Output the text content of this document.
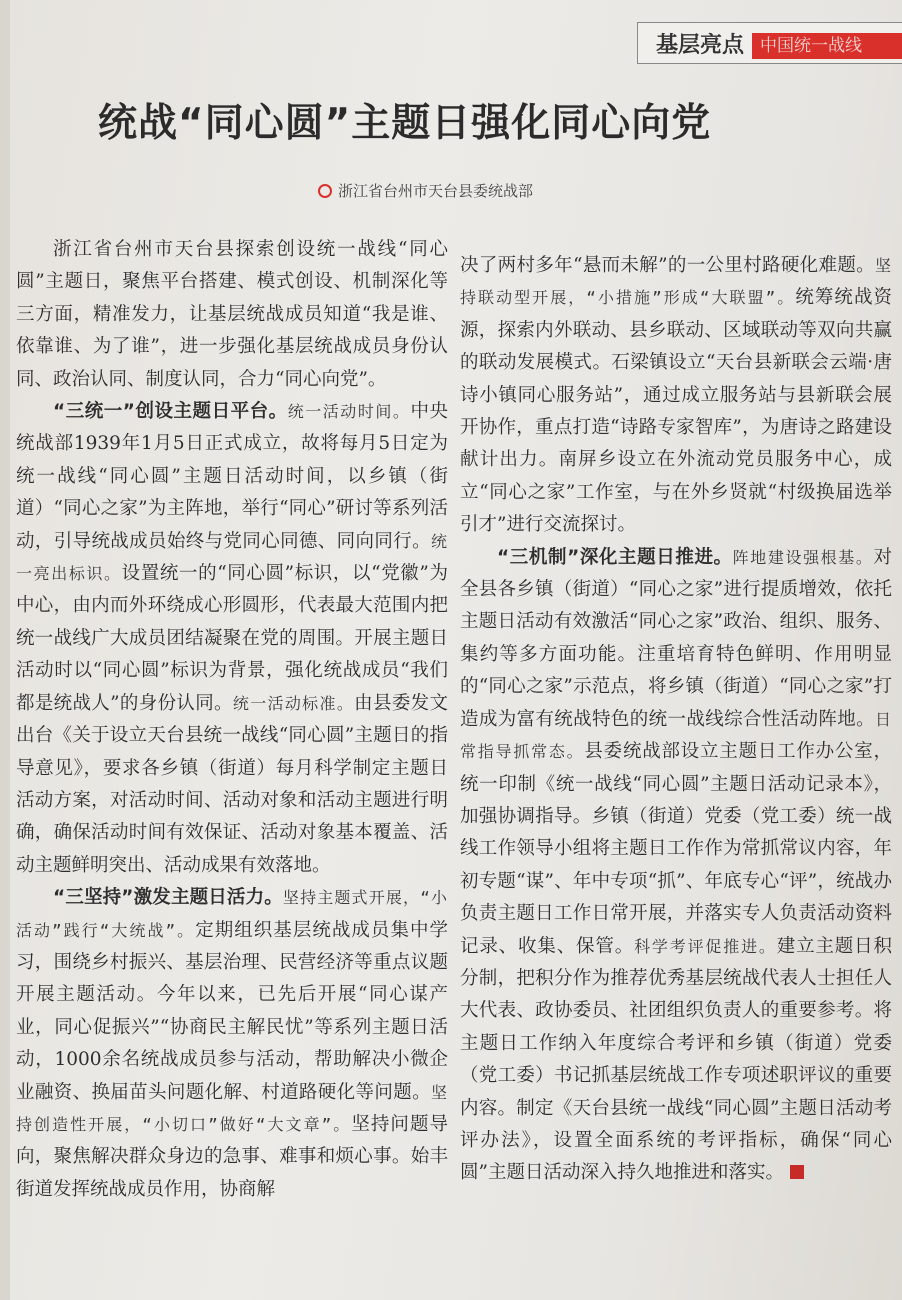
基层亮点 中国统一战线
统战“同心圆”主题日强化同心向党
浙江省台州市天台县委统战部

浙江省台州市天台县探索创设统一战线“同心圆”主题日，聚焦平台搭建、模式创设、机制深化等三方面，精准发力，让基层统战成员知道“我是谁、依靠谁、为了谁”，进一步强化基层统战成员身份认同、政治认同、制度认同，合力“同心向党”。

“三统一”创设主题日平台。统一活动时间。中央统战部1939年1月5日正式成立，故将每月5日定为统一战线“同心圆”主题日活动时间，以乡镇（街道）“同心之家”为主阵地，举行“同心”研讨等系列活动，引导统战成员始终与党同心同德、同向同行。统一亮出标识。设置统一的“同心圆”标识，以“党徽”为中心，由内而外环绕成心形圆形，代表最大范围内把统一战线广大成员团结凝聚在党的周围。开展主题日活动时以“同心圆”标识为背景，强化统战成员“我们都是统战人”的身份认同。统一活动标准。由县委发文出台《关于设立天台县统一战线“同心圆”主题日的指导意见》，要求各乡镇（街道）每月科学制定主题日活动方案，对活动时间、活动对象和活动主题进行明确，确保活动时间有效保证、活动对象基本覆盖、活动主题鲜明突出、活动成果有效落地。

“三坚持”激发主题日活力。坚持主题式开展，“小活动”践行“大统战”。定期组织基层统战成员集中学习，围绕乡村振兴、基层治理、民营经济等重点议题开展主题活动。今年以来，已先后开展“同心谋产业，同心促振兴”“协商民主解民忧”等系列主题日活动，1000余名统战成员参与活动，帮助解决小微企业融资、换届苗头问题化解、村道路硬化等问题。坚持创造性开展，“小切口”做好“大文章”。坚持问题导向，聚焦解决群众身边的急事、难事和烦心事。始丰街道发挥统战成员作用，协商解

决了两村多年“悬而未解”的一公里村路硬化难题。坚持联动型开展，“小措施”形成“大联盟”。统筹统战资源，探索内外联动、县乡联动、区域联动等双向共赢的联动发展模式。石梁镇设立“天台县新联会云端·唐诗小镇同心服务站”，通过成立服务站与县新联会展开协作，重点打造“诗路专家智库”，为唐诗之路建设献计出力。南屏乡设立在外流动党员服务中心，成立“同心之家”工作室，与在外乡贤就“村级换届选举引才”进行交流探讨。

“三机制”深化主题日推进。阵地建设强根基。对全县各乡镇（街道）“同心之家”进行提质增效，依托主题日活动有效激活“同心之家”政治、组织、服务、集约等多方面功能。注重培育特色鲜明、作用明显的“同心之家”示范点，将乡镇（街道）“同心之家”打造成为富有统战特色的统一战线综合性活动阵地。日常指导抓常态。县委统战部设立主题日工作办公室，统一印制《统一战线“同心圆”主题日活动记录本》，加强协调指导。乡镇（街道）党委（党工委）统一战线工作领导小组将主题日工作作为常抓常议内容，年初专题“谋”、年中专项“抓”、年底专心“评”，统战办负责主题日工作日常开展，并落实专人负责活动资料记录、收集、保管。科学考评促推进。建立主题日积分制，把积分作为推荐优秀基层统战代表人士担任人大代表、政协委员、社团组织负责人的重要参考。将主题日工作纳入年度综合考评和乡镇（街道）党委（党工委）书记抓基层统战工作专项述职评议的重要内容。制定《天台县统一战线“同心圆”主题日活动考评办法》，设置全面系统的考评指标，确保“同心圆”主题日活动深入持久地推进和落实。
